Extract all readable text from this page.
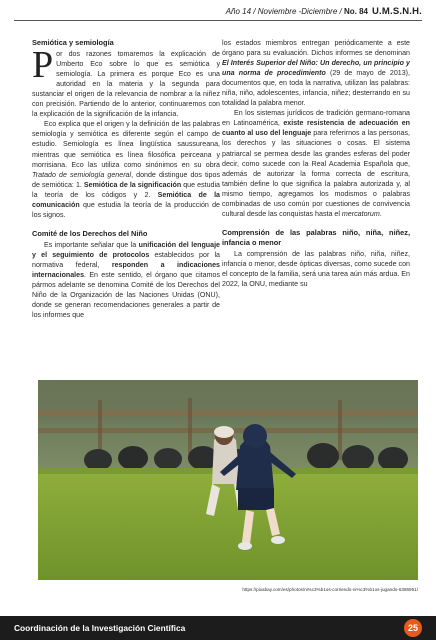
Año 14 / Noviembre -Diciembre / No. 84 U.M.S.N.H.
Semiótica y semiología

Por dos razones tomaremos la explicación de Umberto Eco sobre lo que es semiótica y semiología. La primera es porque Eco es una autoridad en la materia y la segunda para sustanciar el origen de la relevancia de nombrar a la niñez con precisión. Partiendo de lo anterior, continuaremos con la explicación de la significación de la infancia.

Eco explica que el origen y la definición de las palabras semiología y semiótica es diferente según el campo de estudio. Semiología es línea lingüística saussureana, mientras que semiótica es línea filosófica peirceana y morrisiana. Eco las utiliza como sinónimos en su obra Tratado de semiología general, donde distingue dos tipos de semiótica: 1. Semiótica de la significación que estudia la teoría de los códigos y 2. Semiótica de la comunicación que estudia la teoría de la producción de los signos.

Comité de los Derechos del Niño

Es importante señalar que la unificación del lenguaje y el seguimiento de protocolos establecidos por la normativa federal, responden a indicaciones internacionales. En este sentido, el órgano que citamos pármos adelante se denomina Comité de los Derechos del Niño de la Organización de las Naciones Unidas (ONU), donde se generan recomendaciones generales a partir de los informes que

los estados miembros entregan periódicamente a este órgano para su evaluación. Dichos informes se denominan El Interés Superior del Niño: Un derecho, un principio y una norma de procedimiento (29 de mayo de 2013), documentos que, en toda la narrativa, utilizan las palabras: niña, niño, adolescentes, infancia, niñez; desterrando en su totalidad la palabra menor.

En los sistemas jurídicos de tradición germano-romana en Latinoamérica, existe resistencia de adecuación en cuanto al uso del lenguaje para referirnos a las personas, los derechos y las situaciones o cosas. El sistema patriarcal se permea desde las grandes esferas del poder decir, como sucede con la Real Academia Española que, además de autorizar la forma correcta de escritura, también define lo que significa la palabra autorizada y, al mismo tiempo, agregamos los modismos o palabras combinadas de uso común por cuestiones de convivencia cultural desde las conquistas hasta el mercatorum.

Comprensión de las palabras niño, niña, niñez, infancia o menor

La comprensión de las palabras niño, niña, niñez, infancia o menor, desde ópticas diversas, como sucede con el concepto de la familia, será una tarea aún más ardua. En 2022, la ONU, mediante su

https://pixabay.com/es/photos/ni%c3%b1os-corriendo-ni%c3%b1os-jugando-6386951/
Coordinación de la Investigación Científica	25
